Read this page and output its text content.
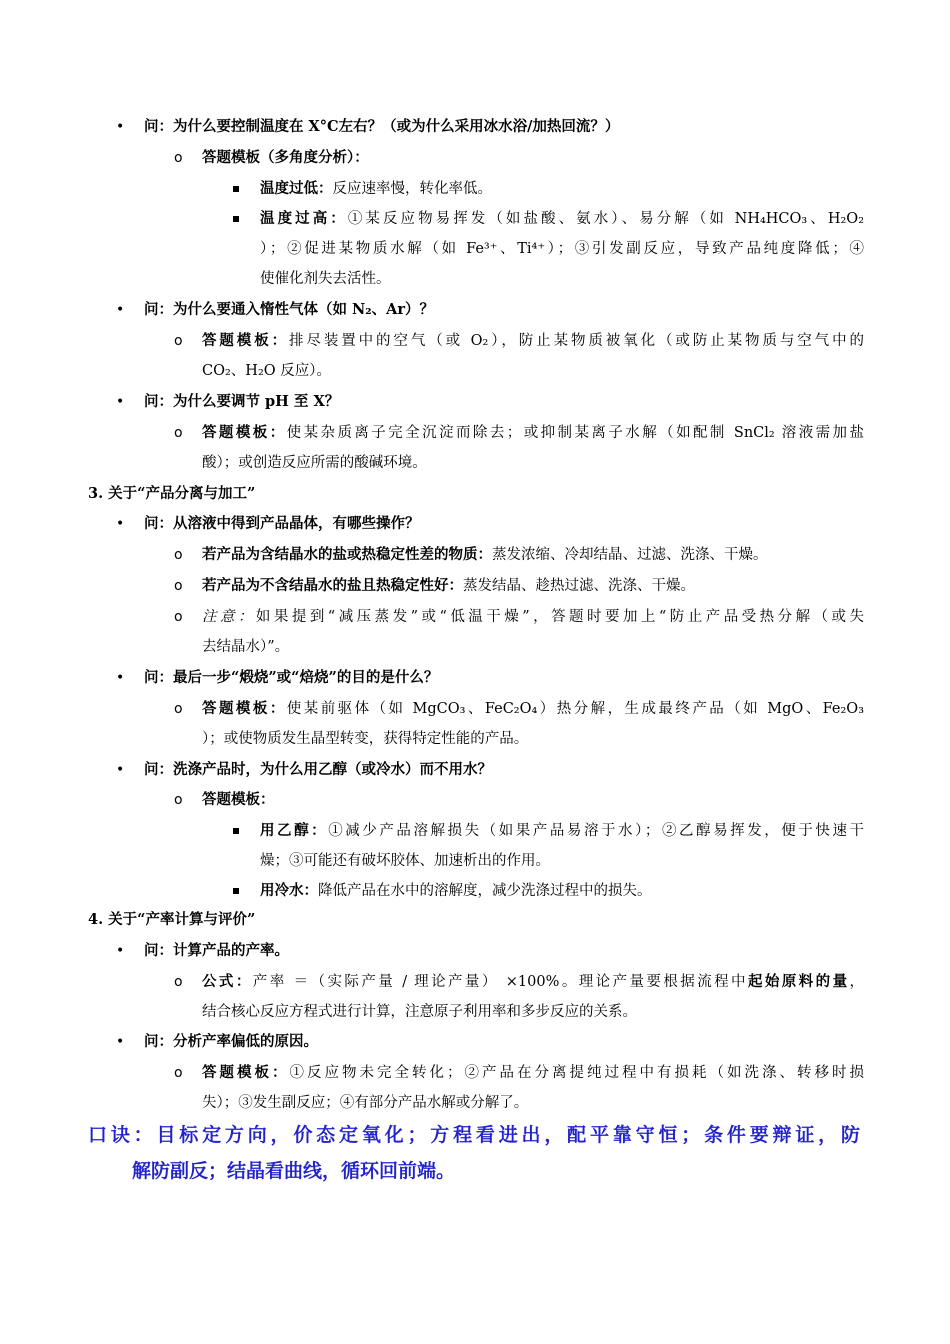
• 问：为什么要控制温度在 X°C左右？（或为什么采用冰水浴/加热回流？）
o 答题模板（多角度分析）：
温度过低：反应速率慢，转化率低。
温度过高：①某反应物易挥发（如盐酸、氨水）、易分解（如 NH₄HCO₃、H₂O₂
）；②促进某物质水解（如 Fe³⁺、Ti⁴⁺）；③引发副反应，导致产品纯度降低；④
使催化剂失去活性。
• 问：为什么要通入惰性气体（如 N₂、Ar）？
o 答题模板：排尽装置中的空气（或 O₂），防止某物质被氧化（或防止某物质与空气中的
CO₂、H₂O 反应）。
• 问：为什么要调节 pH 至 X？
o 答题模板：使某杂质离子完全沉淀而除去；或抑制某离子水解（如配制 SnCl₂ 溶液需加盐
酸）；或创造反应所需的酸碱环境。
3. 关于“产品分离与加工”
• 问：从溶液中得到产品晶体，有哪些操作？
o 若产品为含结晶水的盐或热稳定性差的物质：蒸发浓缩、冷却结晶、过滤、洗涤、干燥。
o 若产品为不含结晶水的盐且热稳定性好：蒸发结晶、趁热过滤、洗涤、干燥。
o 注意：如果提到“减压蒸发”或“低温干燥”，答题时要加上“防止产品受热分解（或失
去结晶水）”。
• 问：最后一步“煅烧”或“焙烧”的目的是什么？
o 答题模板：使某前驱体（如 MgCO₃、FeC₂O₄）热分解，生成最终产品（如 MgO、Fe₂O₃
）；或使物质发生晶型转变，获得特定性能的产品。
• 问：洗涤产品时，为什么用乙醇（或冷水）而不用水？
o 答题模板：
用乙醇：①减少产品溶解损失（如果产品易溶于水）；②乙醇易挥发，便于快速干
燥；③可能还有破坏胶体、加速析出的作用。
用冷水：降低产品在水中的溶解度，减少洗涤过程中的损失。
4. 关于“产率计算与评价”
• 问：计算产品的产率。
o 公式：产率 ＝（实际产量 / 理论产量） ×100%。理论产量要根据流程中起始原料的量，
结合核心反应方程式进行计算，注意原子利用率和多步反应的关系。
• 问：分析产率偏低的原因。
o 答题模板：①反应物未完全转化；②产品在分离提纯过程中有损耗（如洗涤、转移时损
失）；③发生副反应；④有部分产品水解或分解了。
口诀：目标定方向，价态定氧化；方程看进出，配平靠守恒；条件要辩证，防
解防副反；结晶看曲线，循环回前端。
